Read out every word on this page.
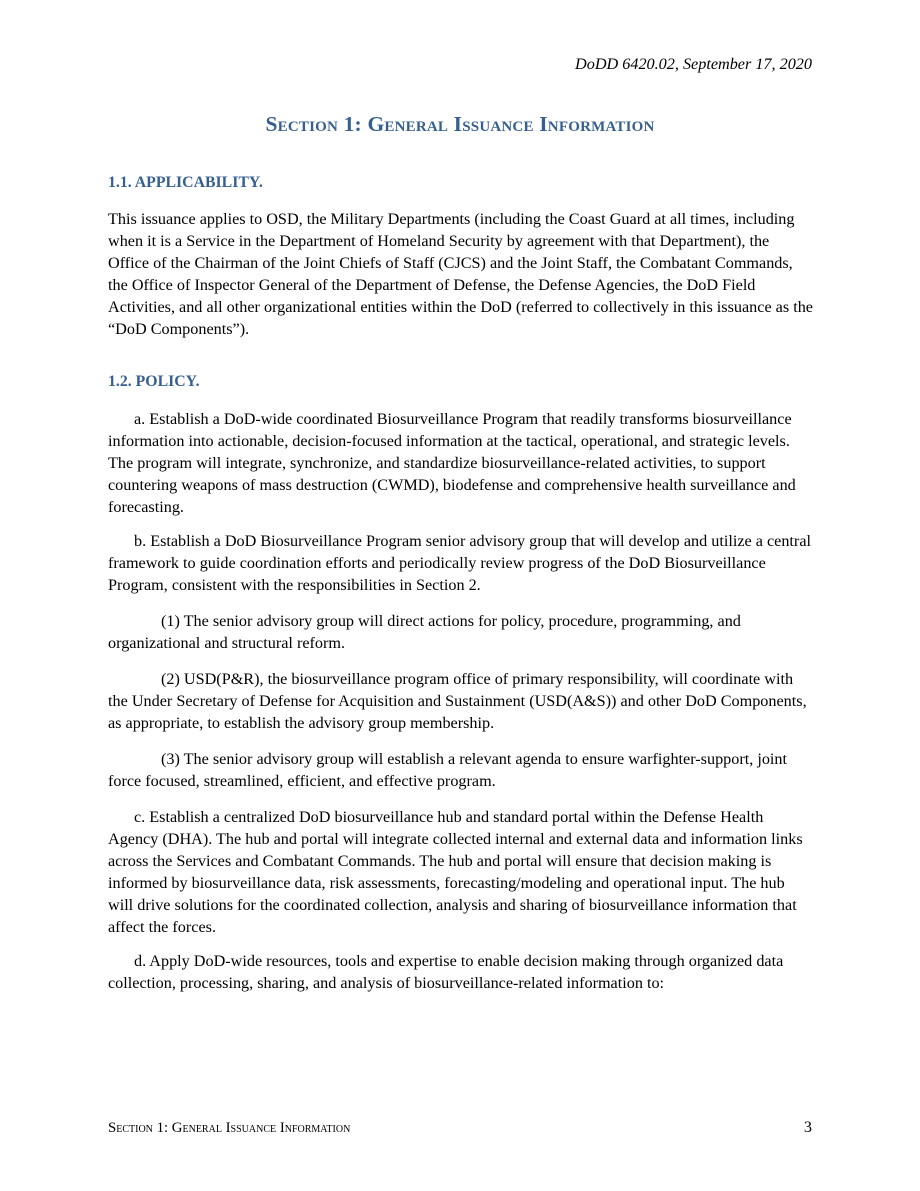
DoDD 6420.02, September 17, 2020
Section 1: General Issuance Information
1.1. APPLICABILITY.

This issuance applies to OSD, the Military Departments (including the Coast Guard at all times, including when it is a Service in the Department of Homeland Security by agreement with that Department), the Office of the Chairman of the Joint Chiefs of Staff (CJCS) and the Joint Staff, the Combatant Commands, the Office of Inspector General of the Department of Defense, the Defense Agencies, the DoD Field Activities, and all other organizational entities within the DoD (referred to collectively in this issuance as the “DoD Components”).

1.2. POLICY.

a. Establish a DoD-wide coordinated Biosurveillance Program that readily transforms biosurveillance information into actionable, decision-focused information at the tactical, operational, and strategic levels. The program will integrate, synchronize, and standardize biosurveillance-related activities, to support countering weapons of mass destruction (CWMD), biodefense and comprehensive health surveillance and forecasting.

b. Establish a DoD Biosurveillance Program senior advisory group that will develop and utilize a central framework to guide coordination efforts and periodically review progress of the DoD Biosurveillance Program, consistent with the responsibilities in Section 2.

(1) The senior advisory group will direct actions for policy, procedure, programming, and organizational and structural reform.

(2) USD(P&R), the biosurveillance program office of primary responsibility, will coordinate with the Under Secretary of Defense for Acquisition and Sustainment (USD(A&S)) and other DoD Components, as appropriate, to establish the advisory group membership.

(3) The senior advisory group will establish a relevant agenda to ensure warfighter-support, joint force focused, streamlined, efficient, and effective program.

c. Establish a centralized DoD biosurveillance hub and standard portal within the Defense Health Agency (DHA). The hub and portal will integrate collected internal and external data and information links across the Services and Combatant Commands. The hub and portal will ensure that decision making is informed by biosurveillance data, risk assessments, forecasting/modeling and operational input. The hub will drive solutions for the coordinated collection, analysis and sharing of biosurveillance information that affect the forces.

d. Apply DoD-wide resources, tools and expertise to enable decision making through organized data collection, processing, sharing, and analysis of biosurveillance-related information to:

Section 1: General Issuance Information	3
